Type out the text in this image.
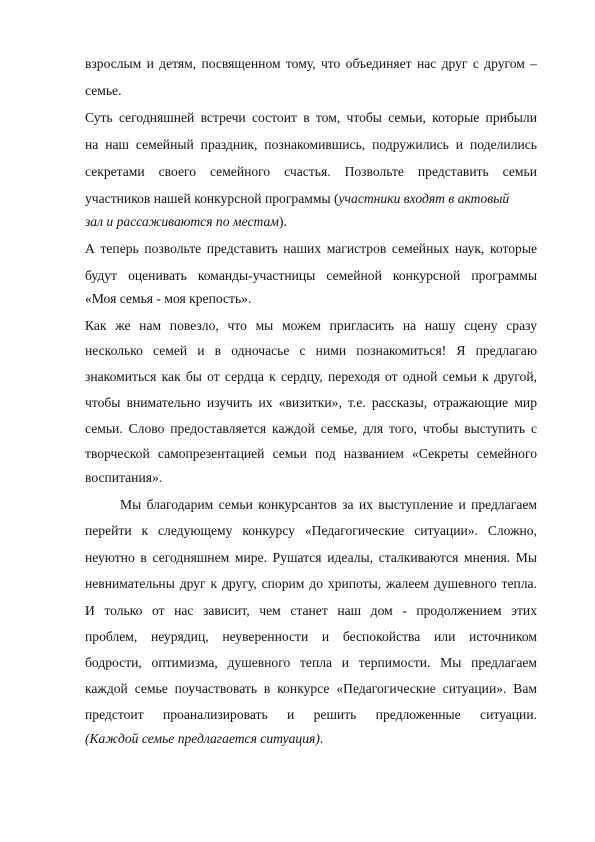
взрослым и детям, посвященном тому, что объединяет нас друг с другом –
семье.
Суть сегодняшней встречи состоит в том, чтобы семьи, которые прибыли
на наш семейный праздник, познакомившись, подружились и поделились
секретами своего семейного счастья. Позвольте представить семьи
участников нашей конкурсной программы (участники входят в актовый
зал и рассаживаются по местам).
А теперь позвольте представить наших магистров семейных наук, которые
будут оценивать команды-участницы семейной конкурсной программы
«Моя семья - моя крепость».
Как же нам повезло, что мы можем пригласить на нашу сцену сразу
несколько семей и в одночасье с ними познакомиться! Я предлагаю
знакомиться как бы от сердца к сердцу, переходя от одной семьи к другой,
чтобы внимательно изучить их «визитки», т.е. рассказы, отражающие мир
семьи. Слово предоставляется каждой семье, для того, чтобы выступить с
творческой самопрезентацией семьи под названием «Секреты семейного
воспитания».
Мы благодарим семьи конкурсантов за их выступление и предлагаем
перейти к следующему конкурсу «Педагогические ситуации». Сложно,
неуютно в сегодняшнем мире. Рушатся идеалы, сталкиваются мнения. Мы
невнимательны друг к другу, спорим до хрипоты, жалеем душевного тепла.
И только от нас зависит, чем станет наш дом - продолжением этих
проблем, неурядиц, неуверенности и беспокойства или источником
бодрости, оптимизма, душевного тепла и терпимости. Мы предлагаем
каждой семье поучаствовать в конкурсе «Педагогические ситуации». Вам
предстоит проанализировать и решить предложенные ситуации.
(Каждой семье предлагается ситуация).
